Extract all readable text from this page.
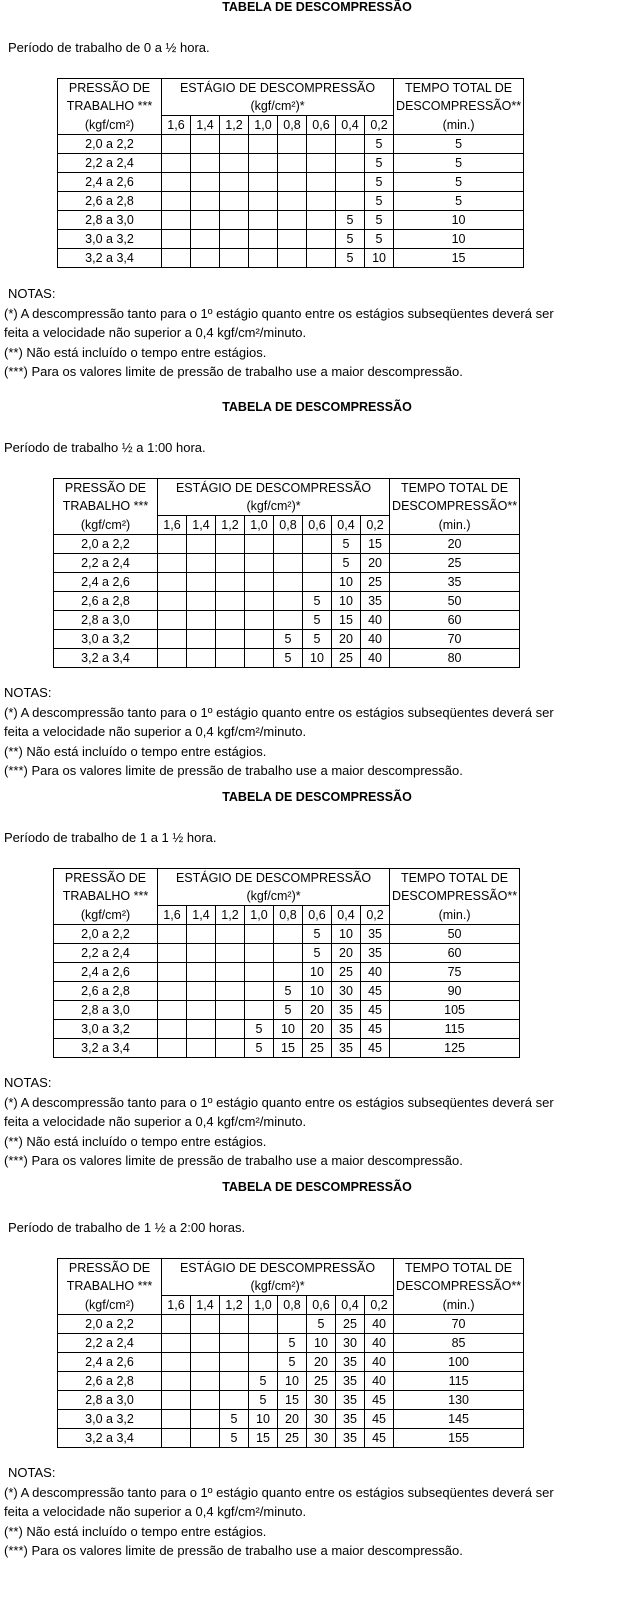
TABELA DE DESCOMPRESSÃO
Período de trabalho de 0 a ½ hora.
PRESSÃO DE	ESTÁGIO DE DESCOMPRESSÃO								TEMPO TOTAL DE
TRABALHO ***	(kgf/cm²)*								DESCOMPRESSÃO**
(kgf/cm²)	1,6	1,4	1,2	1,0	0,8	0,6	0,4	0,2	(min.)
2,0 a 2,2								5	5
2,2 a 2,4								5	5
2,4 a 2,6								5	5
2,6 a 2,8								5	5
2,8 a 3,0							5	5	10
3,0 a 3,2							5	5	10
3,2 a 3,4							5	10	15
NOTAS:
(*) A descompressão tanto para o 1º estágio quanto entre os estágios subseqüentes deverá ser
feita a velocidade não superior a 0,4 kgf/cm²/minuto.
(**) Não está incluído o tempo entre estágios.
(***) Para os valores limite de pressão de trabalho use a maior descompressão.
TABELA DE DESCOMPRESSÃO
Período de trabalho ½ a 1:00 hora.
PRESSÃO DE	ESTÁGIO DE DESCOMPRESSÃO								TEMPO TOTAL DE
TRABALHO ***	(kgf/cm²)*								DESCOMPRESSÃO**
(kgf/cm²)	1,6	1,4	1,2	1,0	0,8	0,6	0,4	0,2	(min.)
2,0 a 2,2							5	15	20
2,2 a 2,4							5	20	25
2,4 a 2,6							10	25	35
2,6 a 2,8						5	10	35	50
2,8 a 3,0						5	15	40	60
3,0 a 3,2					5	5	20	40	70
3,2 a 3,4					5	10	25	40	80
NOTAS:
(*) A descompressão tanto para o 1º estágio quanto entre os estágios subseqüentes deverá ser
feita a velocidade não superior a 0,4 kgf/cm²/minuto.
(**) Não está incluído o tempo entre estágios.
(***) Para os valores limite de pressão de trabalho use a maior descompressão.
TABELA DE DESCOMPRESSÃO
Período de trabalho de 1 a 1 ½ hora.
PRESSÃO DE	ESTÁGIO DE DESCOMPRESSÃO								TEMPO TOTAL DE
TRABALHO ***	(kgf/cm²)*								DESCOMPRESSÃO**
(kgf/cm²)	1,6	1,4	1,2	1,0	0,8	0,6	0,4	0,2	(min.)
2,0 a 2,2						5	10	35	50
2,2 a 2,4						5	20	35	60
2,4 a 2,6						10	25	40	75
2,6 a 2,8					5	10	30	45	90
2,8 a 3,0					5	20	35	45	105
3,0 a 3,2				5	10	20	35	45	115
3,2 a 3,4				5	15	25	35	45	125
NOTAS:
(*) A descompressão tanto para o 1º estágio quanto entre os estágios subseqüentes deverá ser
feita a velocidade não superior a 0,4 kgf/cm²/minuto.
(**) Não está incluído o tempo entre estágios.
(***) Para os valores limite de pressão de trabalho use a maior descompressão.
TABELA DE DESCOMPRESSÃO
Período de trabalho de 1 ½ a 2:00 horas.
PRESSÃO DE	ESTÁGIO DE DESCOMPRESSÃO								TEMPO TOTAL DE
TRABALHO ***	(kgf/cm²)*								DESCOMPRESSÃO**
(kgf/cm²)	1,6	1,4	1,2	1,0	0,8	0,6	0,4	0,2	(min.)
2,0 a 2,2						5	25	40	70
2,2 a 2,4					5	10	30	40	85
2,4 a 2,6					5	20	35	40	100
2,6 a 2,8				5	10	25	35	40	115
2,8 a 3,0				5	15	30	35	45	130
3,0 a 3,2			5	10	20	30	35	45	145
3,2 a 3,4			5	15	25	30	35	45	155
NOTAS:
(*) A descompressão tanto para o 1º estágio quanto entre os estágios subseqüentes deverá ser
feita a velocidade não superior a 0,4 kgf/cm²/minuto.
(**) Não está incluído o tempo entre estágios.
(***) Para os valores limite de pressão de trabalho use a maior descompressão.
